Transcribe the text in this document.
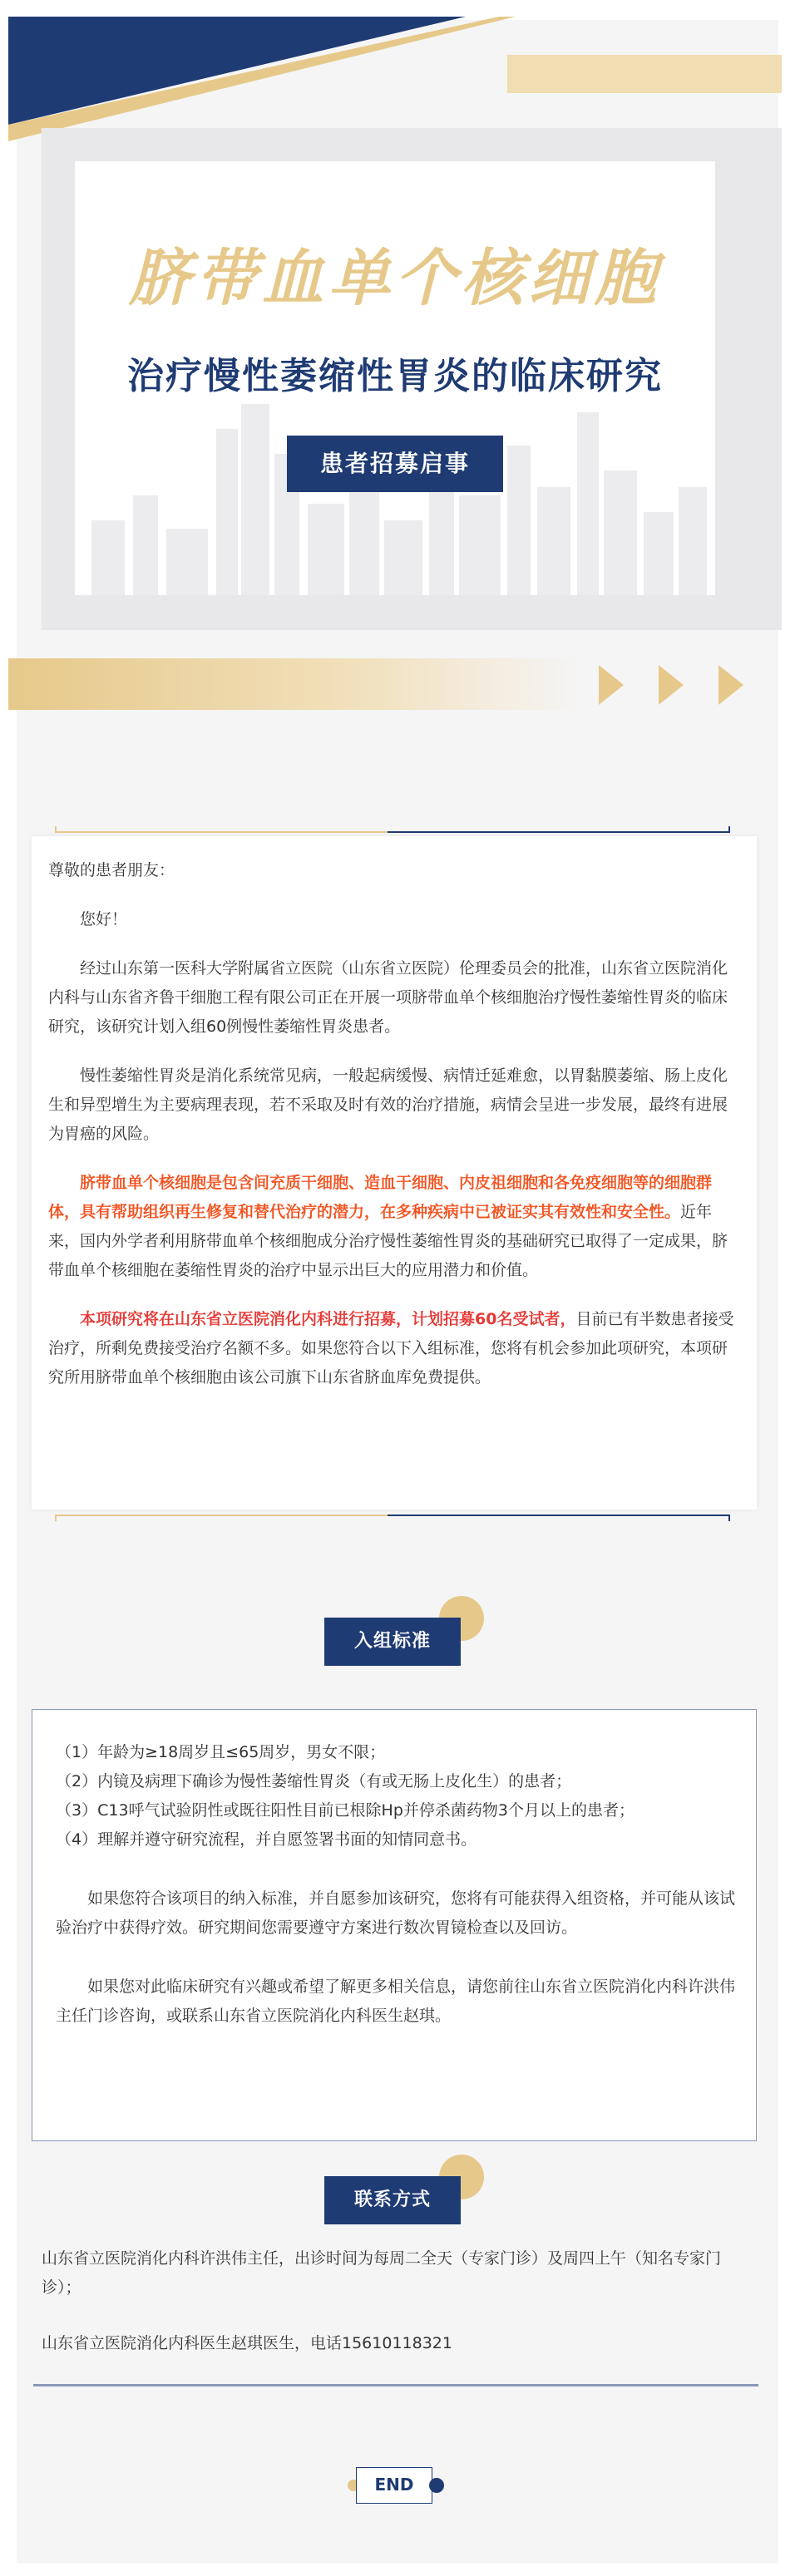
脐带血单个核细胞
治疗慢性萎缩性胃炎的临床研究
患者招募启事

尊敬的患者朋友：

您好！

经过山东第一医科大学附属省立医院（山东省立医院）伦理委员会的批准，山东省立医院消化内科与山东省齐鲁干细胞工程有限公司正在开展一项脐带血单个核细胞治疗慢性萎缩性胃炎的临床研究，该研究计划入组60例慢性萎缩性胃炎患者。

慢性萎缩性胃炎是消化系统常见病，一般起病缓慢、病情迁延难愈，以胃黏膜萎缩、肠上皮化生和异型增生为主要病理表现，若不采取及时有效的治疗措施，病情会呈进一步发展，最终有进展为胃癌的风险。

脐带血单个核细胞是包含间充质干细胞、造血干细胞、内皮祖细胞和各免疫细胞等的细胞群体，具有帮助组织再生修复和替代治疗的潜力，在多种疾病中已被证实其有效性和安全性。近年来，国内外学者利用脐带血单个核细胞成分治疗慢性萎缩性胃炎的基础研究已取得了一定成果，脐带血单个核细胞在萎缩性胃炎的治疗中显示出巨大的应用潜力和价值。

本项研究将在山东省立医院消化内科进行招募，计划招募60名受试者，目前已有半数患者接受治疗，所剩免费接受治疗名额不多。如果您符合以下入组标准，您将有机会参加此项研究，本项研究所用脐带血单个核细胞由该公司旗下山东省脐血库免费提供。

入组标准

（1）年龄为≥18周岁且≤65周岁，男女不限；

（2）内镜及病理下确诊为慢性萎缩性胃炎（有或无肠上皮化生）的患者；

（3）C13呼气试验阴性或既往阳性目前已根除Hp并停杀菌药物3个月以上的患者；

（4）理解并遵守研究流程，并自愿签署书面的知情同意书。

如果您符合该项目的纳入标准，并自愿参加该研究，您将有可能获得入组资格，并可能从该试验治疗中获得疗效。研究期间您需要遵守方案进行数次胃镜检查以及回访。

如果您对此临床研究有兴趣或希望了解更多相关信息，请您前往山东省立医院消化内科许洪伟主任门诊咨询，或联系山东省立医院消化内科医生赵琪。

联系方式

山东省立医院消化内科许洪伟主任，出诊时间为每周二全天（专家门诊）及周四上午（知名专家门诊）；

山东省立医院消化内科医生赵琪医生，电话15610118321

END
